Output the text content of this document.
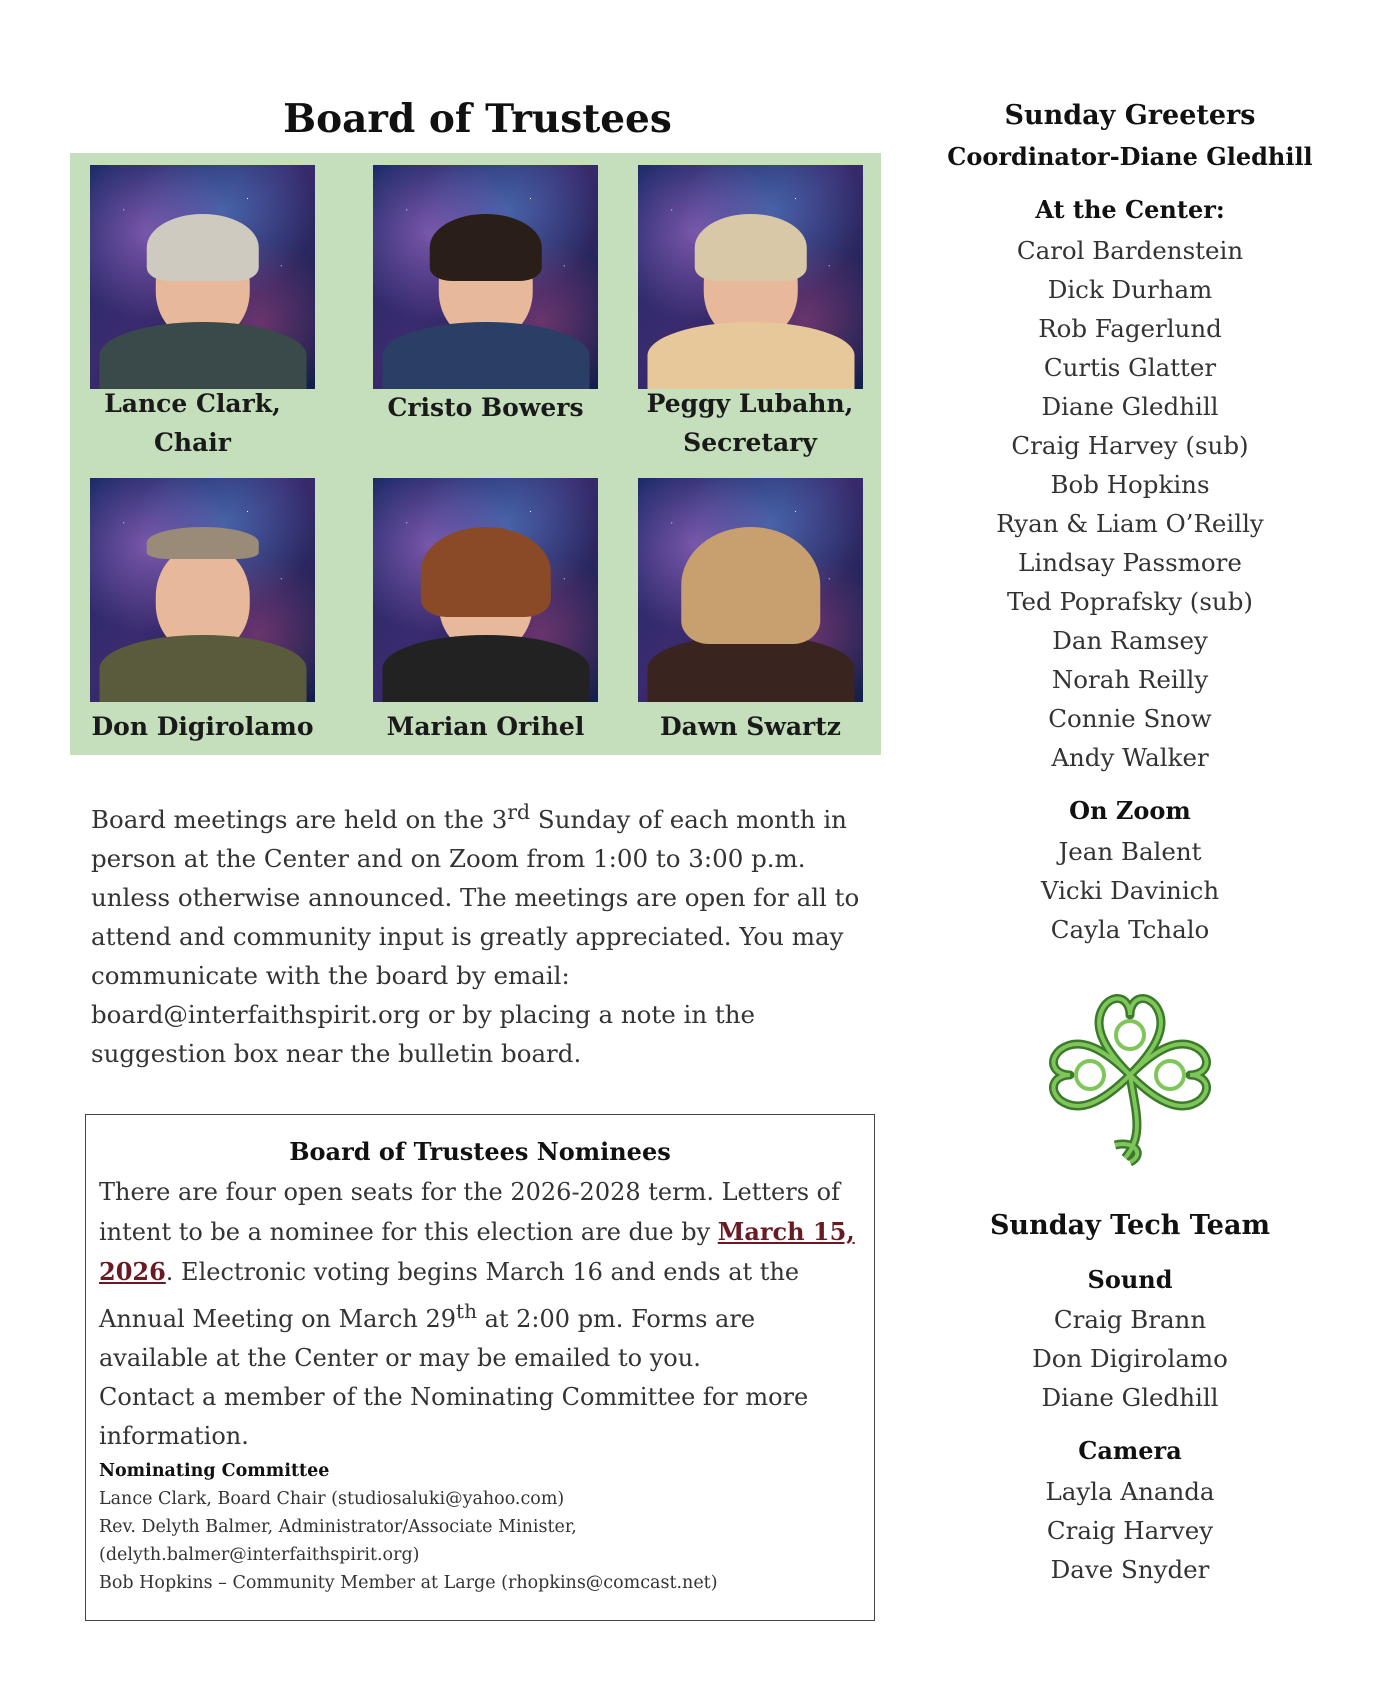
Board of Trustees
Lance Clark,
Chair
Cristo Bowers	Peggy Lubahn,
Secretary
Don Digirolamo	Marian Orihel	Dawn Swartz
Board meetings are held on the 3rd Sunday of each month in person at the Center and on Zoom from 1:00 to 3:00 p.m. unless otherwise announced. The meetings are open for all to attend and community input is greatly appreciated. You may communicate with the board by email: board@interfaithspirit.org or by placing a note in the suggestion box near the bulletin board.
Board of Trustees Nominees
There are four open seats for the 2026-2028 term. Letters of intent to be a nominee for this election are due by March 15, 2026. Electronic voting begins March 16 and ends at the Annual Meeting on March 29th at 2:00 pm. Forms are available at the Center or may be emailed to you.
Contact a member of the Nominating Committee for more information.
Nominating Committee
Lance Clark, Board Chair (studiosaluki@yahoo.com)
Rev. Delyth Balmer, Administrator/Associate Minister,
(delyth.balmer@interfaithspirit.org)
Bob Hopkins – Community Member at Large (rhopkins@comcast.net)
Sunday Greeters
Coordinator-Diane Gledhill
At the Center:
Carol Bardenstein
Dick Durham
Rob Fagerlund
Curtis Glatter
Diane Gledhill
Craig Harvey (sub)
Bob Hopkins
Ryan & Liam O’Reilly
Lindsay Passmore
Ted Poprafsky (sub)
Dan Ramsey
Norah Reilly
Connie Snow
Andy Walker
On Zoom
Jean Balent
Vicki Davinich
Cayla Tchalo
Sunday Tech Team
Sound
Craig Brann
Don Digirolamo
Diane Gledhill
Camera
Layla Ananda
Craig Harvey
Dave Snyder
